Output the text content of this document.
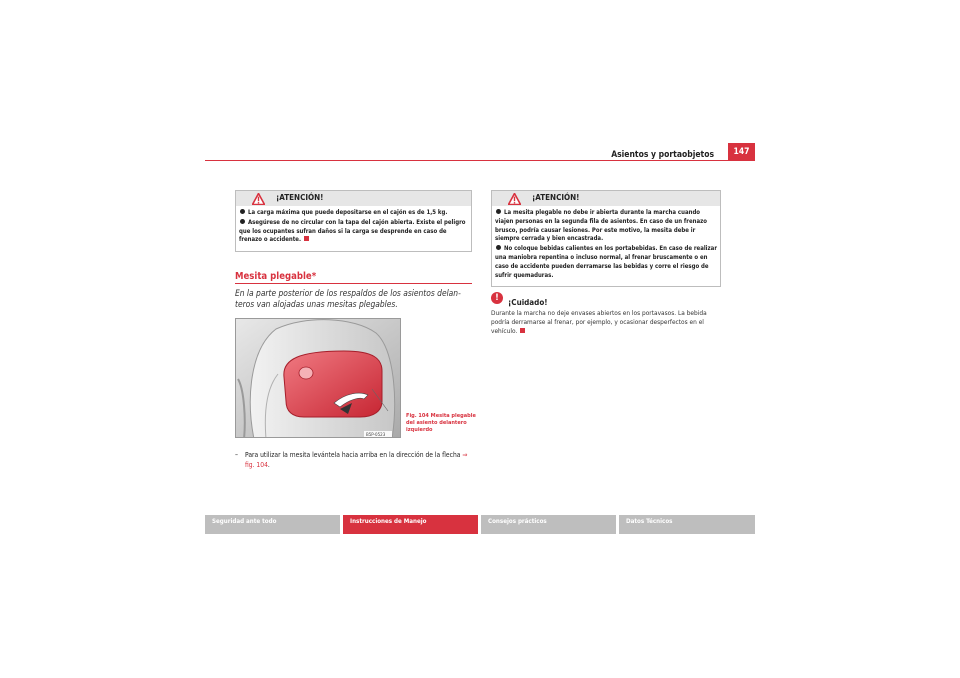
Asientos y portaobjetos	147
¡ATENCIÓN!

La carga máxima que puede depositarse en el cajón es de 1,5 kg.

Asegúrese de no circular con la tapa del cajón abierta. Existe el peligro que los ocupantes sufran daños si la carga se desprende en caso de frenazo o accidente.

Mesita plegable*
En la parte posterior de los respaldos de los asientos delan-teros van alojadas unas mesitas plegables.
B5P-0523
Fig. 104 Mesita plegable del asiento delantero izquierdo
– Para utilizar la mesita levántela hacia arriba en la dirección de la flecha ⇒ fig. 104.
¡ATENCIÓN!

La mesita plegable no debe ir abierta durante la marcha cuando viajen personas en la segunda fila de asientos. En caso de un frenazo brusco, podría causar lesiones. Por este motivo, la mesita debe ir siempre cerrada y bien encastrada.

No coloque bebidas calientes en los portabebidas. En caso de realizar una maniobra repentina o incluso normal, al frenar bruscamente o en caso de accidente pueden derramarse las bebidas y corre el riesgo de sufrir quemaduras.

!	¡Cuidado!
Durante la marcha no deje envases abiertos en los portavasos. La bebida podría derramarse al frenar, por ejemplo, y ocasionar desperfectos en el vehículo.
Seguridad ante todo	Instrucciones de Manejo	Consejos prácticos	Datos Técnicos
